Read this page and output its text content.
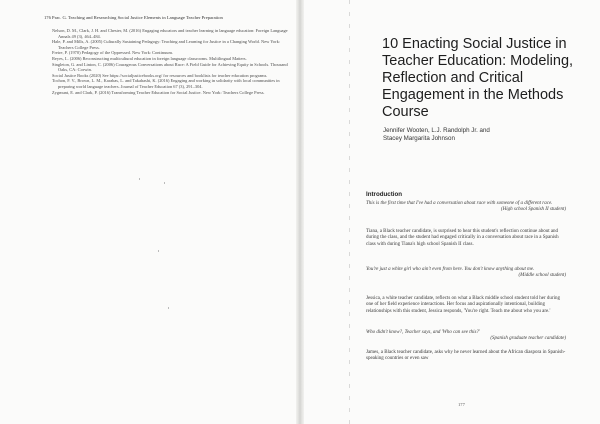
176 Prac. G. Teaching and Researching Social Justice Elements in Language Teacher Preparation

Nelson, D. M., Clark, J. H. and Chester, M. (2016) Engaging educators and teacher learning in language education: Foreign Language Annals 49 (3), 464–484.

Hale, P. and Mills, A. (2005) Culturally Sustaining Pedagogy: Teaching and Learning for Justice in a Changing World. New York: Teachers College Press.

Freire, P. (1970) Pedagogy of the Oppressed. New York: Continuum.

Reyes, L. (2006) Reconstructing multicultural education in foreign language classrooms. Multilingual Matters.

Singleton, G. and Linton, C. (2006) Courageous Conversations about Race: A Field Guide for Achieving Equity in Schools. Thousand Oaks, CA: Corwin.

Social Justice Books (2020) See https://socialjusticebooks.org/ for resources and booklists for teacher education programs.

Tochon, F. V., Brown, L. M., Karabas, L. and Takahashi, K. (2016) Engaging and working in solidarity with local communities in preparing world language teachers. Journal of Teacher Education 67 (3), 291–304.

Zygmunt, E. and Clark, P. (2016) Transforming Teacher Education for Social Justice. New York: Teachers College Press.

10 Enacting Social Justice in Teacher Education: Modeling, Reflection and Critical Engagement in the Methods Course
Jennifer Wooten, L.J. Randolph Jr. and
Stacey Margarita Johnson
Introduction
This is the first time that I've had a conversation about race with someone of a different race.
(High school Spanish II student)
Tiana, a Black teacher candidate, is surprised to hear this student's reflection continue about and during the class, and the student had engaged critically in a conversation about race in a Spanish class with during Tiana's high school Spanish II class.
You're just a white girl who ain't even from here. You don't know anything about me.
(Middle school student)
Jessica, a white teacher candidate, reflects on what a Black middle school student told her during one of her field experience interactions. Her focus and aspirationally intentional, building relationships with this student, Jessica responds, 'You're right. Teach me about who you are.'
Who didn't know?, Teacher says, and 'Who can see this?'
(Spanish graduate teacher candidate)
James, a Black teacher candidate, asks why he never learned about the African diaspora in Spanish-speaking countries or even saw
177
